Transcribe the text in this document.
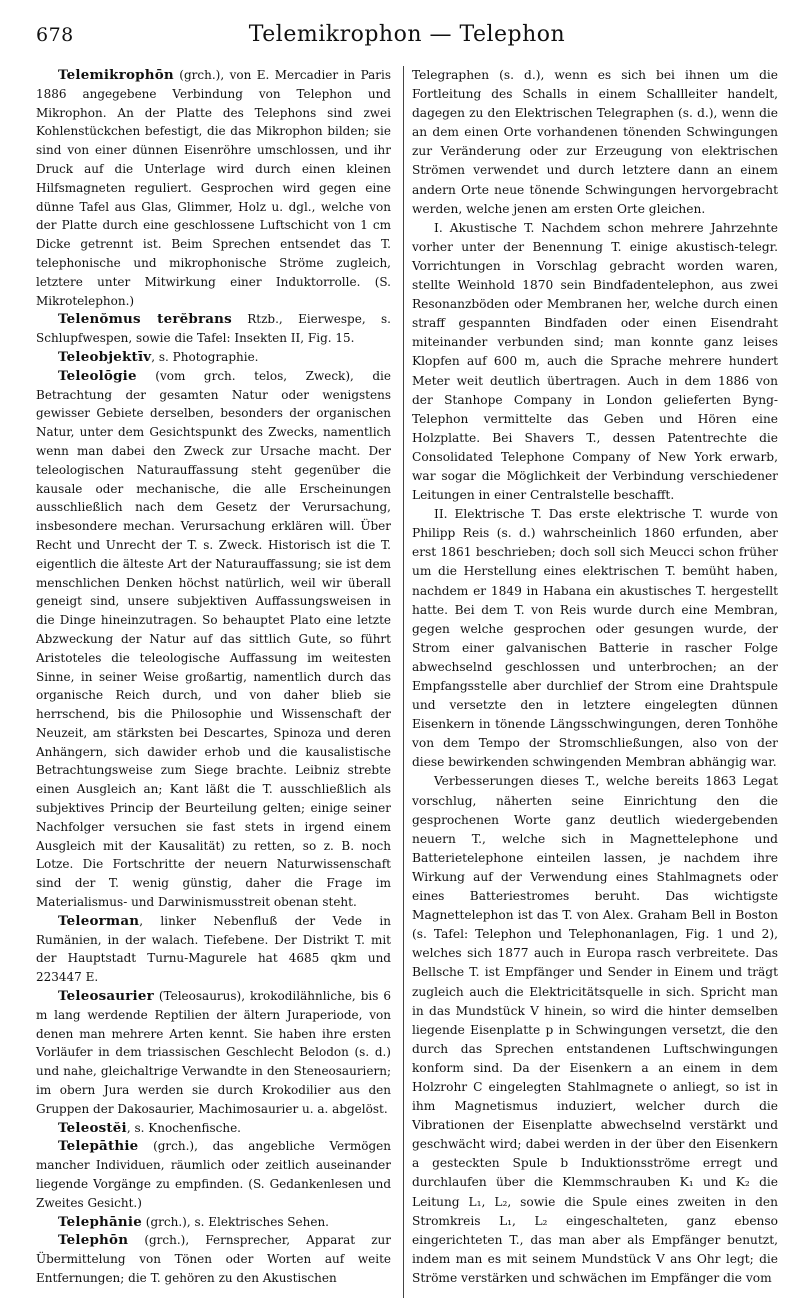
678	Telemikrophon — Telephon

Telemikrophōn (grch.), von E. Mercadier in Paris 1886 angegebene Verbindung von Telephon und Mikrophon. An der Platte des Telephons sind zwei Kohlenstückchen befestigt, die das Mikrophon bilden; sie sind von einer dünnen Eisenröhre umschlossen, und ihr Druck auf die Unterlage wird durch einen kleinen Hilfsmagneten reguliert. Gesprochen wird gegen eine dünne Tafel aus Glas, Glimmer, Holz u. dgl., welche von der Platte durch eine geschlossene Luftschicht von 1 cm Dicke getrennt ist. Beim Sprechen entsendet das T. telephonische und mikrophonische Ströme zugleich, letztere unter Mitwirkung einer Induktorrolle. (S. Mikrotelephon.)

Telenŏmus terĕbrans Rtzb., Eierwespe, s. Schlupfwespen, sowie die Tafel: Insekten II, Fig. 15.

Teleobjektīv, s. Photographie.

Teleolōgie (vom grch. telos, Zweck), die Betrachtung der gesamten Natur oder wenigstens gewisser Gebiete derselben, besonders der organischen Natur, unter dem Gesichtspunkt des Zwecks, namentlich wenn man dabei den Zweck zur Ursache macht. Der teleologischen Naturauffassung steht gegenüber die kausale oder mechanische, die alle Erscheinungen ausschließlich nach dem Gesetz der Verursachung, insbesondere mechan. Verursachung erklären will. Über Recht und Unrecht der T. s. Zweck. Historisch ist die T. eigentlich die älteste Art der Naturauffassung; sie ist dem menschlichen Denken höchst natürlich, weil wir überall geneigt sind, unsere subjektiven Auffassungsweisen in die Dinge hineinzutragen. So behauptet Plato eine letzte Abzweckung der Natur auf das sittlich Gute, so führt Aristoteles die teleologische Auffassung im weitesten Sinne, in seiner Weise großartig, namentlich durch das organische Reich durch, und von daher blieb sie herrschend, bis die Philosophie und Wissenschaft der Neuzeit, am stärksten bei Descartes, Spinoza und deren Anhängern, sich dawider erhob und die kausalistische Betrachtungsweise zum Siege brachte. Leibniz strebte einen Ausgleich an; Kant läßt die T. ausschließlich als subjektives Princip der Beurteilung gelten; einige seiner Nachfolger versuchen sie fast stets in irgend einem Ausgleich mit der Kausalität) zu retten, so z. B. noch Lotze. Die Fortschritte der neuern Naturwissenschaft sind der T. wenig günstig, daher die Frage im Materialismus- und Darwinismusstreit obenan steht.

Teleorman, linker Nebenfluß der Vede in Rumänien, in der walach. Tiefebene. Der Distrikt T. mit der Hauptstadt Turnu-Magurele hat 4685 qkm und 223447 E.

Teleosaurier (Teleosaurus), krokodilähnliche, bis 6 m lang werdende Reptilien der ältern Juraperiode, von denen man mehrere Arten kennt. Sie haben ihre ersten Vorläufer in dem triassischen Geschlecht Belodon (s. d.) und nahe, gleichaltrige Verwandte in den Steneosauriern; im obern Jura werden sie durch Krokodilier aus den Gruppen der Dakosaurier, Machimosaurier u. a. abgelöst.

Teleostĕi, s. Knochenfische.

Telepāthie (grch.), das angebliche Vermögen mancher Individuen, räumlich oder zeitlich auseinander liegende Vorgänge zu empfinden. (S. Gedankenlesen und Zweites Gesicht.)

Telephānie (grch.), s. Elektrisches Sehen.

Telephōn (grch.), Fernsprecher, Apparat zur Übermittelung von Tönen oder Worten auf weite Entfernungen; die T. gehören zu den Akustischen

Telegraphen (s. d.), wenn es sich bei ihnen um die Fortleitung des Schalls in einem Schallleiter handelt, dagegen zu den Elektrischen Telegraphen (s. d.), wenn die an dem einen Orte vorhandenen tönenden Schwingungen zur Veränderung oder zur Erzeugung von elektrischen Strömen verwendet und durch letztere dann an einem andern Orte neue tönende Schwingungen hervorgebracht werden, welche jenen am ersten Orte gleichen.

I. Akustische T. Nachdem schon mehrere Jahrzehnte vorher unter der Benennung T. einige akustisch-telegr. Vorrichtungen in Vorschlag gebracht worden waren, stellte Weinhold 1870 sein Bindfadentelephon, aus zwei Resonanzböden oder Membranen her, welche durch einen straff gespannten Bindfaden oder einen Eisendraht miteinander verbunden sind; man konnte ganz leises Klopfen auf 600 m, auch die Sprache mehrere hundert Meter weit deutlich übertragen. Auch in dem 1886 von der Stanhope Company in London gelieferten Byng-Telephon vermittelte das Geben und Hören eine Holzplatte. Bei Shavers T., dessen Patentrechte die Consolidated Telephone Company of New York erwarb, war sogar die Möglichkeit der Verbindung verschiedener Leitungen in einer Centralstelle beschafft.

II. Elektrische T. Das erste elektrische T. wurde von Philipp Reis (s. d.) wahrscheinlich 1860 erfunden, aber erst 1861 beschrieben; doch soll sich Meucci schon früher um die Herstellung eines elektrischen T. bemüht haben, nachdem er 1849 in Habana ein akustisches T. hergestellt hatte. Bei dem T. von Reis wurde durch eine Membran, gegen welche gesprochen oder gesungen wurde, der Strom einer galvanischen Batterie in rascher Folge abwechselnd geschlossen und unterbrochen; an der Empfangsstelle aber durchlief der Strom eine Drahtspule und versetzte den in letztere eingelegten dünnen Eisenkern in tönende Längsschwingungen, deren Tonhöhe von dem Tempo der Stromschließungen, also von der diese bewirkenden schwingenden Membran abhängig war.

Verbesserungen dieses T., welche bereits 1863 Legat vorschlug, näherten seine Einrichtung den die gesprochenen Worte ganz deutlich wiedergebenden neuern T., welche sich in Magnettelephone und Batterietelephone einteilen lassen, je nachdem ihre Wirkung auf der Verwendung eines Stahlmagnets oder eines Batteriestromes beruht. Das wichtigste Magnettelephon ist das T. von Alex. Graham Bell in Boston (s. Tafel: Telephon und Telephonanlagen, Fig. 1 und 2), welches sich 1877 auch in Europa rasch verbreitete. Das Bellsche T. ist Empfänger und Sender in Einem und trägt zugleich auch die Elektricitätsquelle in sich. Spricht man in das Mundstück V hinein, so wird die hinter demselben liegende Eisenplatte p in Schwingungen versetzt, die den durch das Sprechen entstandenen Luftschwingungen konform sind. Da der Eisenkern a an einem in dem Holzrohr C eingelegten Stahlmagnete o anliegt, so ist in ihm Magnetismus induziert, welcher durch die Vibrationen der Eisenplatte abwechselnd verstärkt und geschwächt wird; dabei werden in der über den Eisenkern a gesteckten Spule b Induktionsströme erregt und durchlaufen über die Klemmschrauben K₁ und K₂ die Leitung L₁, L₂, sowie die Spule eines zweiten in den Stromkreis L₁, L₂ eingeschalteten, ganz ebenso eingerichteten T., das man aber als Empfänger benutzt, indem man es mit seinem Mundstück V ans Ohr legt; die Ströme verstärken und schwächen im Empfänger die vom
